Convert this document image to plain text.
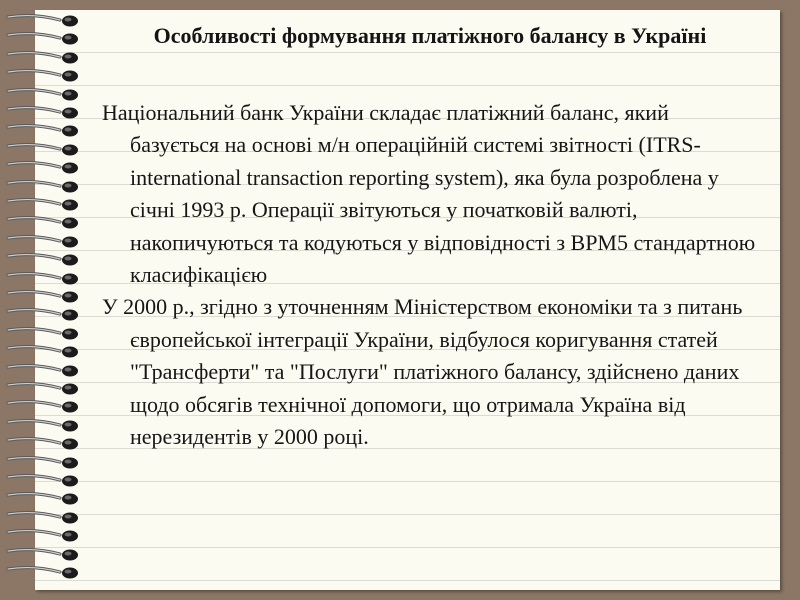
Особливості формування платіжного балансу в Україні

Національний банк України складає платіжний баланс, який базується на основі м/н операційній системі звітності (ITRS-international transaction reporting system), яка була розроблена у січні 1993 р. Операції звітуються у початковій валюті, накопичуються та кодуються у відповідності з ВРМ5 стандартною класифікацією

У 2000 р., згідно з уточненням Міністерством економіки та з питань європейської інтеграції України, відбулося коригування статей "Трансферти" та "Послуги" платіжного балансу, здійснено даних щодо обсягів технічної допомоги, що отримала Україна від нерезидентів у 2000 році.
